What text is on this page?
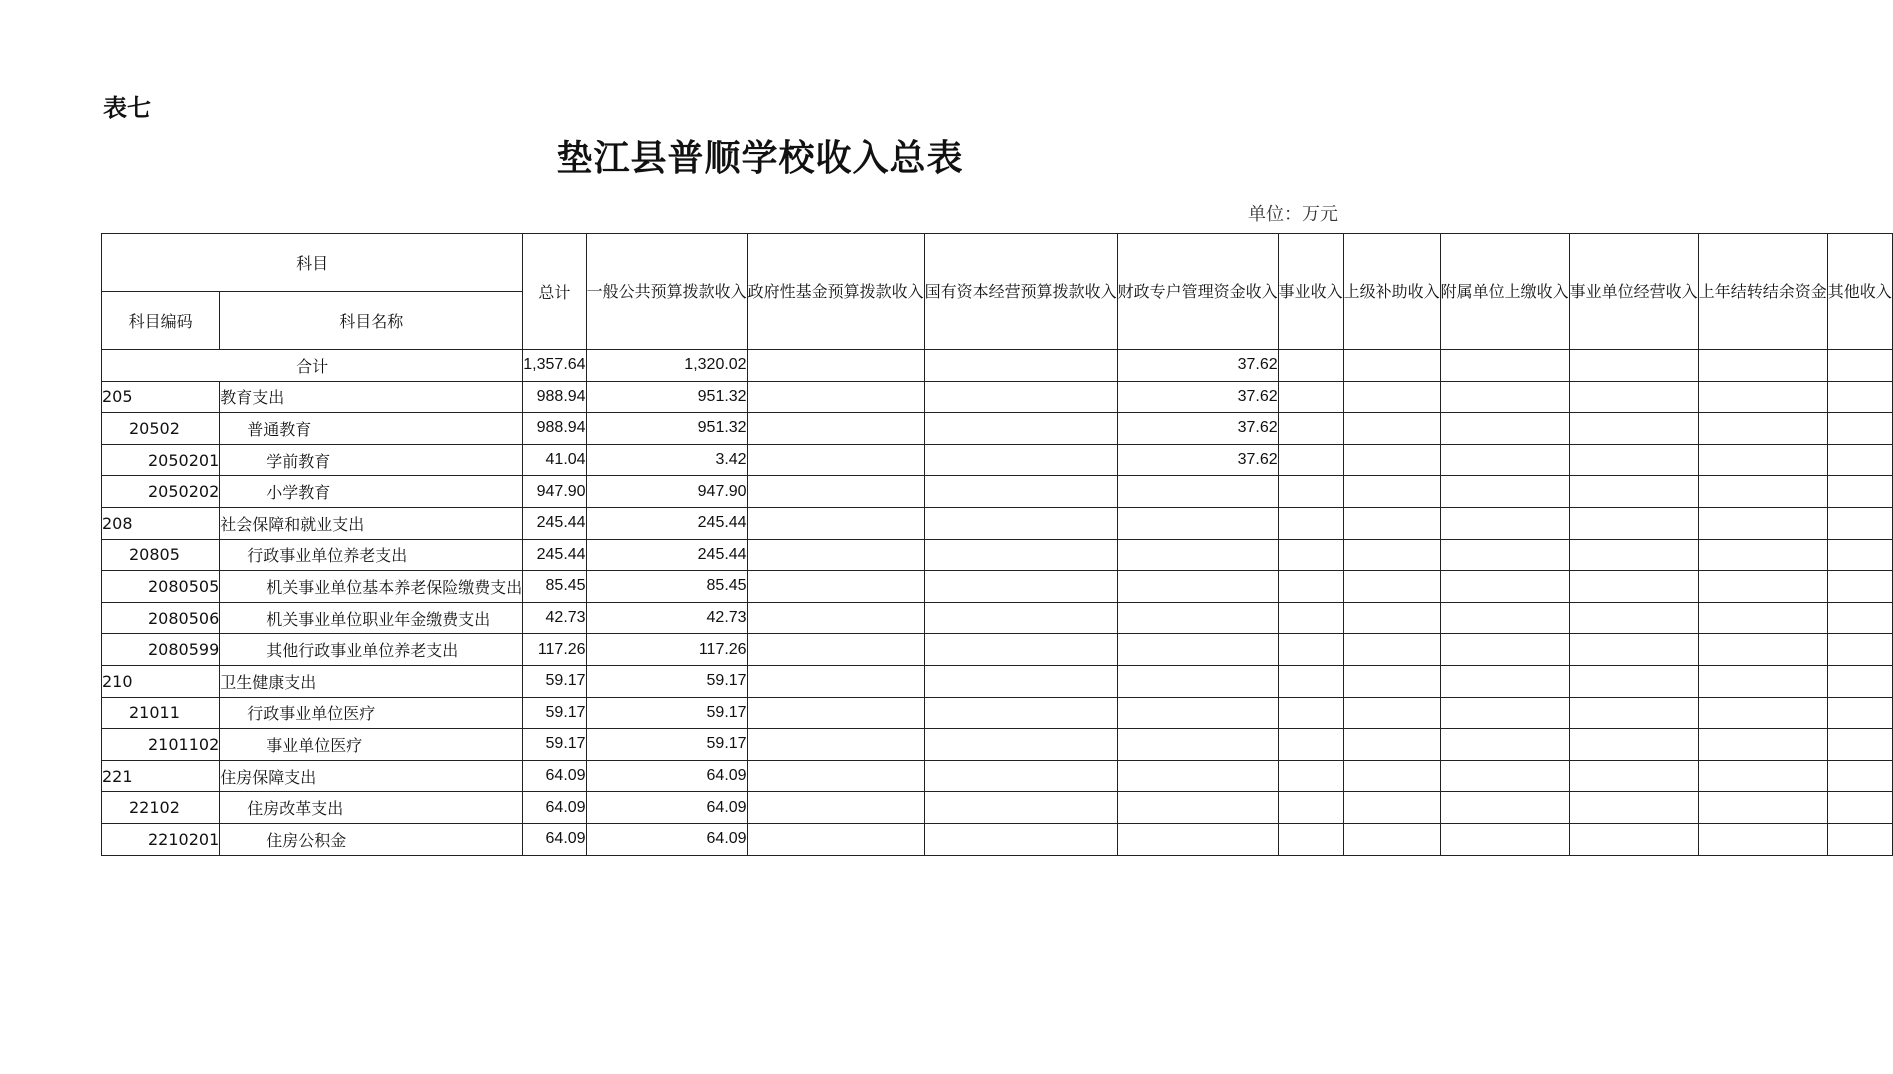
表七
垫江县普顺学校收入总表
单位：万元
科目		总计	一般公共预算拨款收入	政府性基金预算拨款收入	国有资本经营预算拨款收入	财政专户管理资金收入	事业收入	上级补助收入	附属单位上缴收入	事业单位经营收入	上年结转结余资金	其他收入
科目编码	科目名称											
合计		1,357.64	1,320.02			37.62						
205	教育支出	988.94	951.32			37.62						
20502	普通教育	988.94	951.32			37.62						
2050201	学前教育	41.04	3.42			37.62						
2050202	小学教育	947.90	947.90									
208	社会保障和就业支出	245.44	245.44									
20805	行政事业单位养老支出	245.44	245.44									
2080505	机关事业单位基本养老保险缴费支出	85.45	85.45									
2080506	机关事业单位职业年金缴费支出	42.73	42.73									
2080599	其他行政事业单位养老支出	117.26	117.26									
210	卫生健康支出	59.17	59.17									
21011	行政事业单位医疗	59.17	59.17									
2101102	事业单位医疗	59.17	59.17									
221	住房保障支出	64.09	64.09									
22102	住房改革支出	64.09	64.09									
2210201	住房公积金	64.09	64.09									
